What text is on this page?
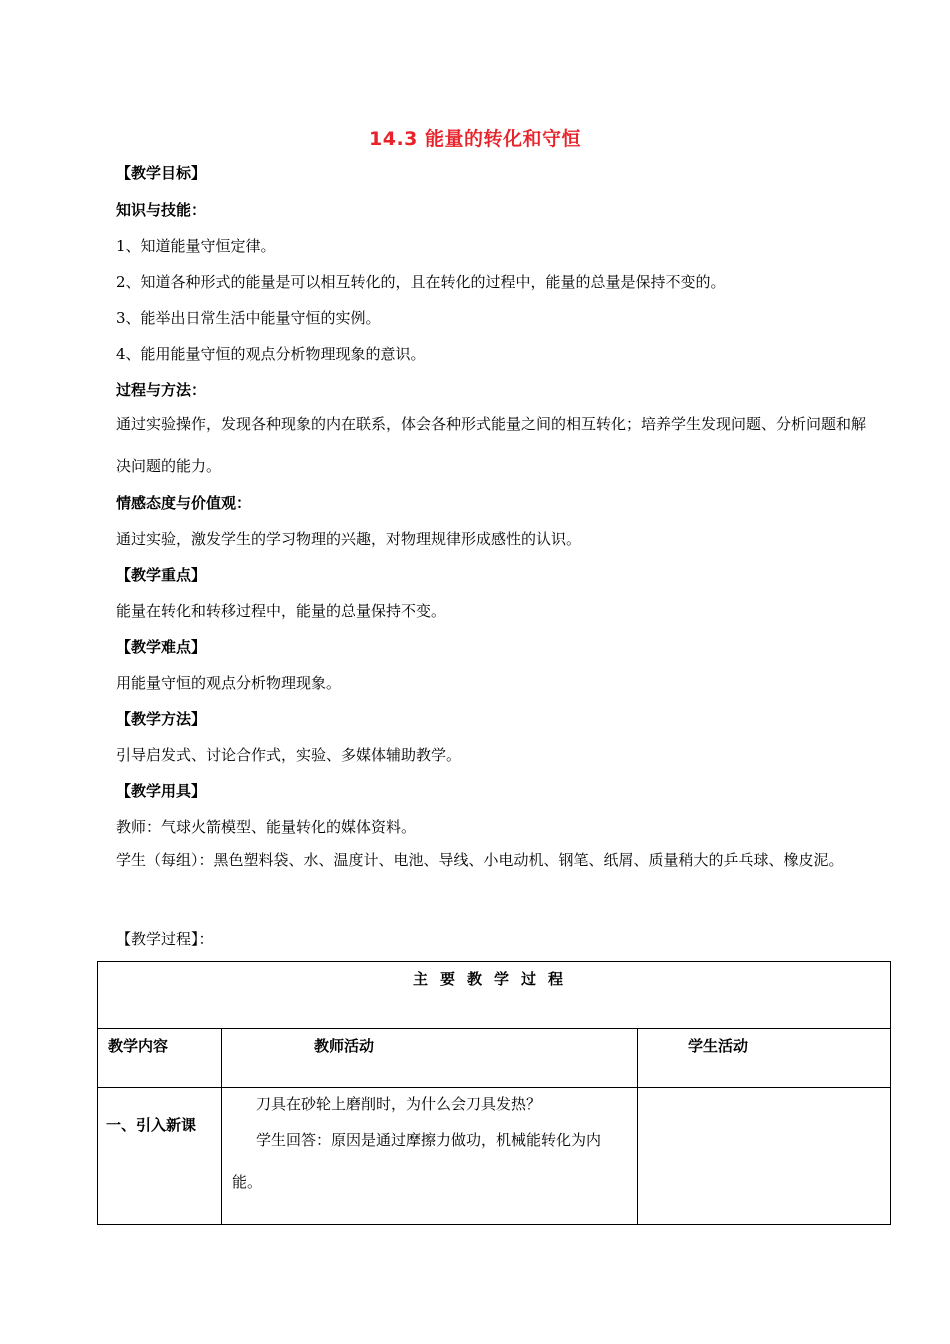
14.3 能量的转化和守恒
【教学目标】
知识与技能：
1、知道能量守恒定律。
2、知道各种形式的能量是可以相互转化的，且在转化的过程中，能量的总量是保持不变的。
3、能举出日常生活中能量守恒的实例。
4、能用能量守恒的观点分析物理现象的意识。
过程与方法：
通过实验操作，发现各种现象的内在联系，体会各种形式能量之间的相互转化；培养学生发现问题、分析问题和解决问题的能力。
情感态度与价值观：
通过实验，激发学生的学习物理的兴趣，对物理规律形成感性的认识。
【教学重点】
能量在转化和转移过程中，能量的总量保持不变。
【教学难点】
用能量守恒的观点分析物理现象。
【教学方法】
引导启发式、讨论合作式，实验、多媒体辅助教学。
【教学用具】
教师：气球火箭模型、能量转化的媒体资料。
学生（每组）：黑色塑料袋、水、温度计、电池、导线、小电动机、钢笔、纸屑、质量稍大的乒乓球、橡皮泥。
【教学过程】：
主要教学过程		

教学内容	教师活动	学生活动

一、引入新课	刀具在砂轮上磨削时，为什么会刀具发热？
学生回答：原因是通过摩擦力做功，机械能转化为内能。	
